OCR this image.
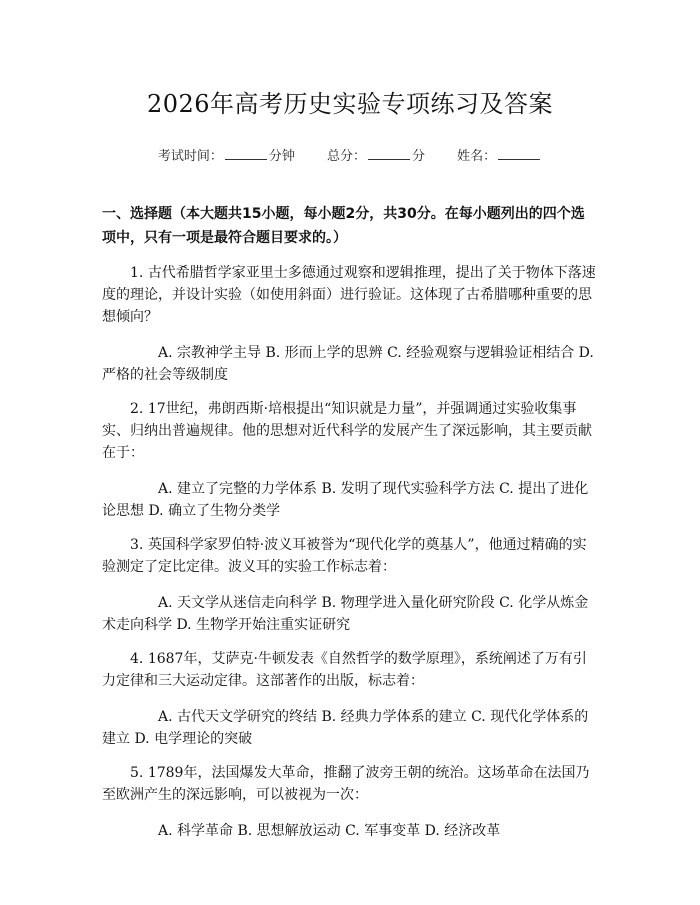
2026年高考历史实验专项练习及答案
考试时间：	分钟 总分：	分 姓名：
一、选择题（本大题共15小题，每小题2分，共30分。在每小题列出的四个选项中，只有一项是最符合题目要求的。）

1. 古代希腊哲学家亚里士多德通过观察和逻辑推理，提出了关于物体下落速度的理论，并设计实验（如使用斜面）进行验证。这体现了古希腊哪种重要的思想倾向？

A. 宗教神学主导 B. 形而上学的思辨 C. 经验观察与逻辑验证相结合 D. 严格的社会等级制度

2. 17世纪，弗朗西斯·培根提出“知识就是力量”，并强调通过实验收集事实、归纳出普遍规律。他的思想对近代科学的发展产生了深远影响，其主要贡献在于：

A. 建立了完整的力学体系 B. 发明了现代实验科学方法 C. 提出了进化论思想 D. 确立了生物分类学

3. 英国科学家罗伯特·波义耳被誉为“现代化学的奠基人”，他通过精确的实验测定了定比定律。波义耳的实验工作标志着：

A. 天文学从迷信走向科学 B. 物理学进入量化研究阶段 C. 化学从炼金术走向科学 D. 生物学开始注重实证研究

4. 1687年，艾萨克·牛顿发表《自然哲学的数学原理》，系统阐述了万有引力定律和三大运动定律。这部著作的出版，标志着：

A. 古代天文学研究的终结 B. 经典力学体系的建立 C. 现代化学体系的建立 D. 电学理论的突破

5. 1789年，法国爆发大革命，推翻了波旁王朝的统治。这场革命在法国乃至欧洲产生的深远影响，可以被视为一次：

A. 科学革命 B. 思想解放运动 C. 军事变革 D. 经济改革
